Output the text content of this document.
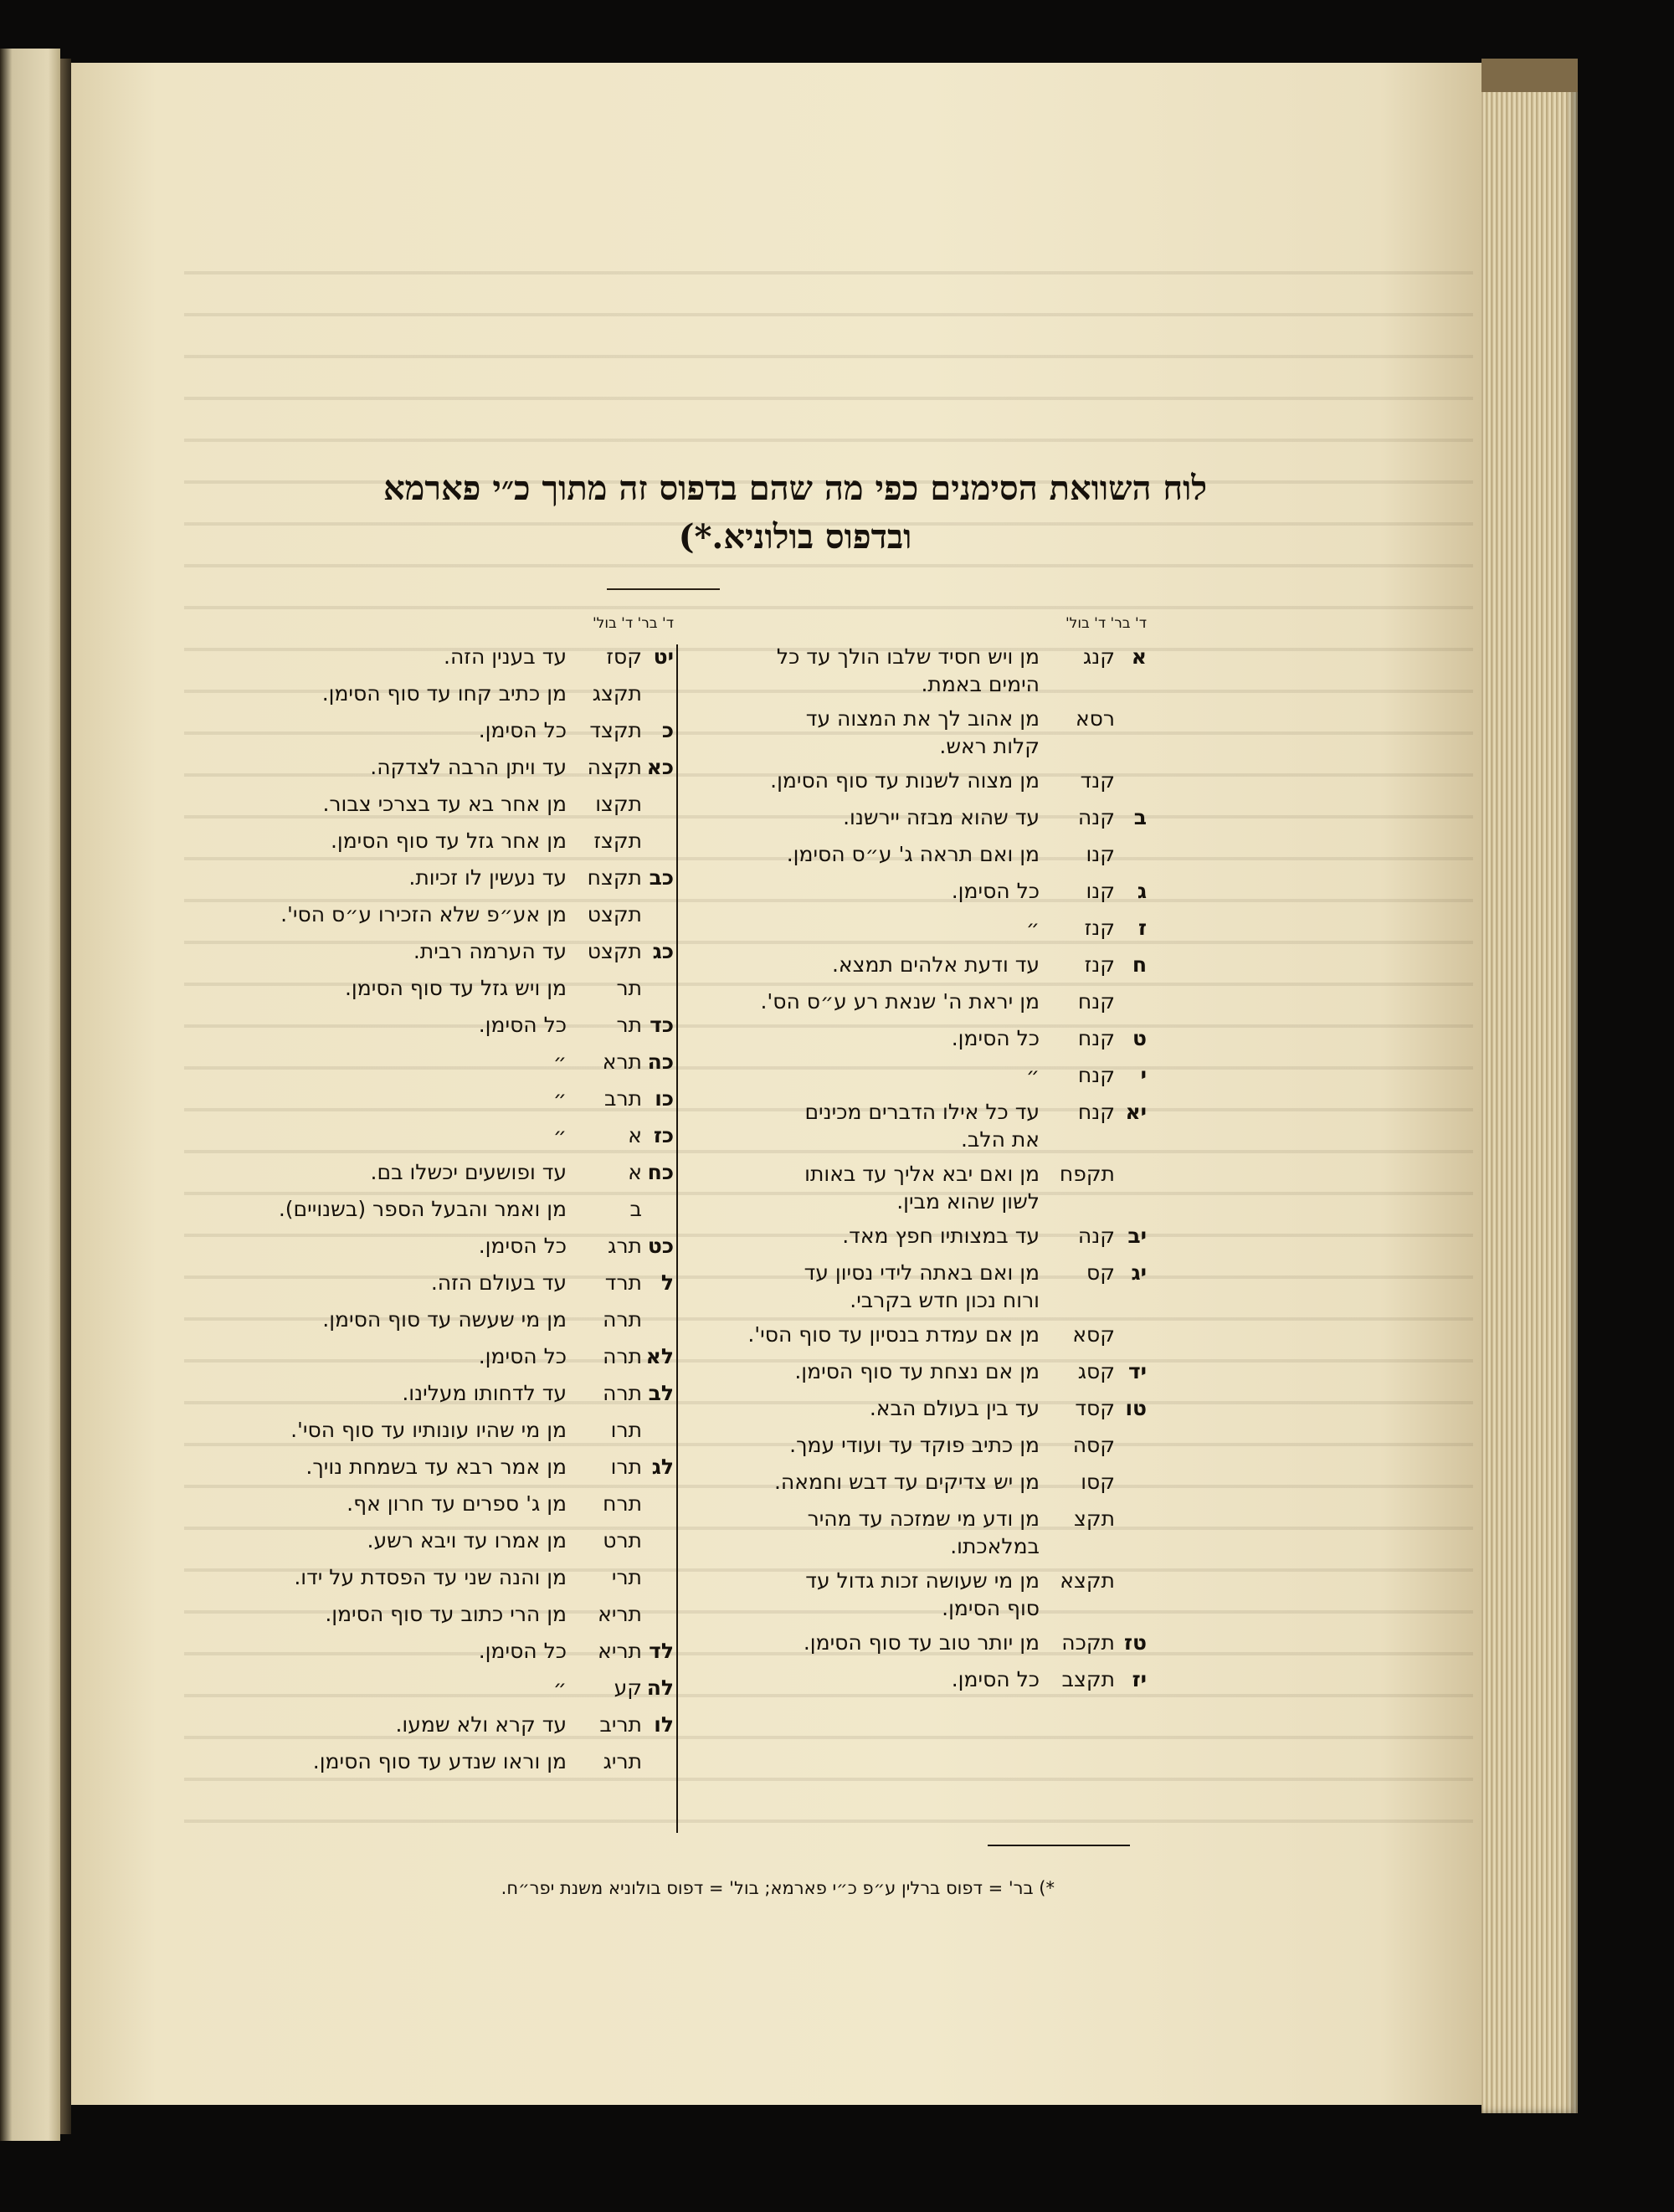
לוח השוואת הסימנים כפי מה שהם בדפוס זה מתוך כ״י פארמא
ובדפוס בולוניא.*)
ד' בר' ד' בול'
א
קנג
מן ויש חסיד שלבו הולך עד כל
הימים באמת.
רסא
מן אהוב לך את המצוה עד
קלות ראש.
קנד
מן מצוה לשנות עד סוף הסימן.
ב
קנה
עד שהוא מבזה יירשנו.
קנו
מן ואם תראה ג' ע״ס הסימן.
ג
קנו
כל הסימן.
ז
קנז
״
ח
קנז
עד ודעת אלהים תמצא.
קנח
מן יראת ה' שנאת רע ע״ס הס'.
ט
קנח
כל הסימן.
י
קנח
״
יא
קנח
עד כל אילו הדברים מכינים
את הלב.
תקפח
מן ואם יבא אליך עד באותו
לשון שהוא מבין.
יב
קנה
עד במצותיו חפץ מאד.
יג
קס
מן ואם באתה לידי נסיון עד
ורוח נכון חדש בקרבי.
קסא
מן אם עמדת בנסיון עד סוף הסי'.
יד
קסג
מן אם נצחת עד סוף הסימן.
טו
קסד
עד בין בעולם הבא.
קסה
מן כתיב פוקד עד ועודי עמך.
קסו
מן יש צדיקים עד דבש וחמאה.
תקצ
מן ודע מי שמזכה עד מהיר
במלאכתו.
תקצא
מן מי שעושה זכות גדול עד
סוף הסימן.
טז
תקכה
מן יותר טוב עד סוף הסימן.
יז
תקצב
כל הסימן.
ד' בר' ד' בול'
יט
קסז
עד בענין הזה.
תקצג
מן כתיב קחו עד סוף הסימן.
כ
תקצד
כל הסימן.
כא
תקצה
עד ויתן הרבה לצדקה.
תקצו
מן אחר בא עד בצרכי צבור.
תקצז
מן אחר גזל עד סוף הסימן.
כב
תקצח
עד נעשין לו זכיות.
תקצט
מן אע״פ שלא הזכירו ע״ס הסי'.
כג
תקצט
עד הערמה רבית.
תר
מן ויש גזל עד סוף הסימן.
כד
תר
כל הסימן.
כה
תרא
״
כו
תרב
״
כז
א
״
כח
א
עד ופושעים יכשלו בם.
ב
מן ואמר והבעל הספר (בשנויים).
כט
תרג
כל הסימן.
ל
תרד
עד בעולם הזה.
תרה
מן מי שעשה עד סוף הסימן.
לא
תרה
כל הסימן.
לב
תרה
עד לדחותו מעלינו.
תרו
מן מי שהיו עונותיו עד סוף הסי'.
לג
תרו
מן אמר רבא עד בשמחת נויך.
תרח
מן ג' ספרים עד חרון אף.
תרט
מן אמרו עד ויבא רשע.
תרי
מן והנה שני עד הפסדת על ידו.
תריא
מן הרי כתוב עד סוף הסימן.
לד
תריא
כל הסימן.
לה
קע
״
לו
תריב
עד קרא ולא שמעו.
תריג
מן וראו שנדע עד סוף הסימן.
*) בר' = דפוס ברלין ע״פ כ״י פארמא; בול' = דפוס בולוניא משנת יפר״ח.
